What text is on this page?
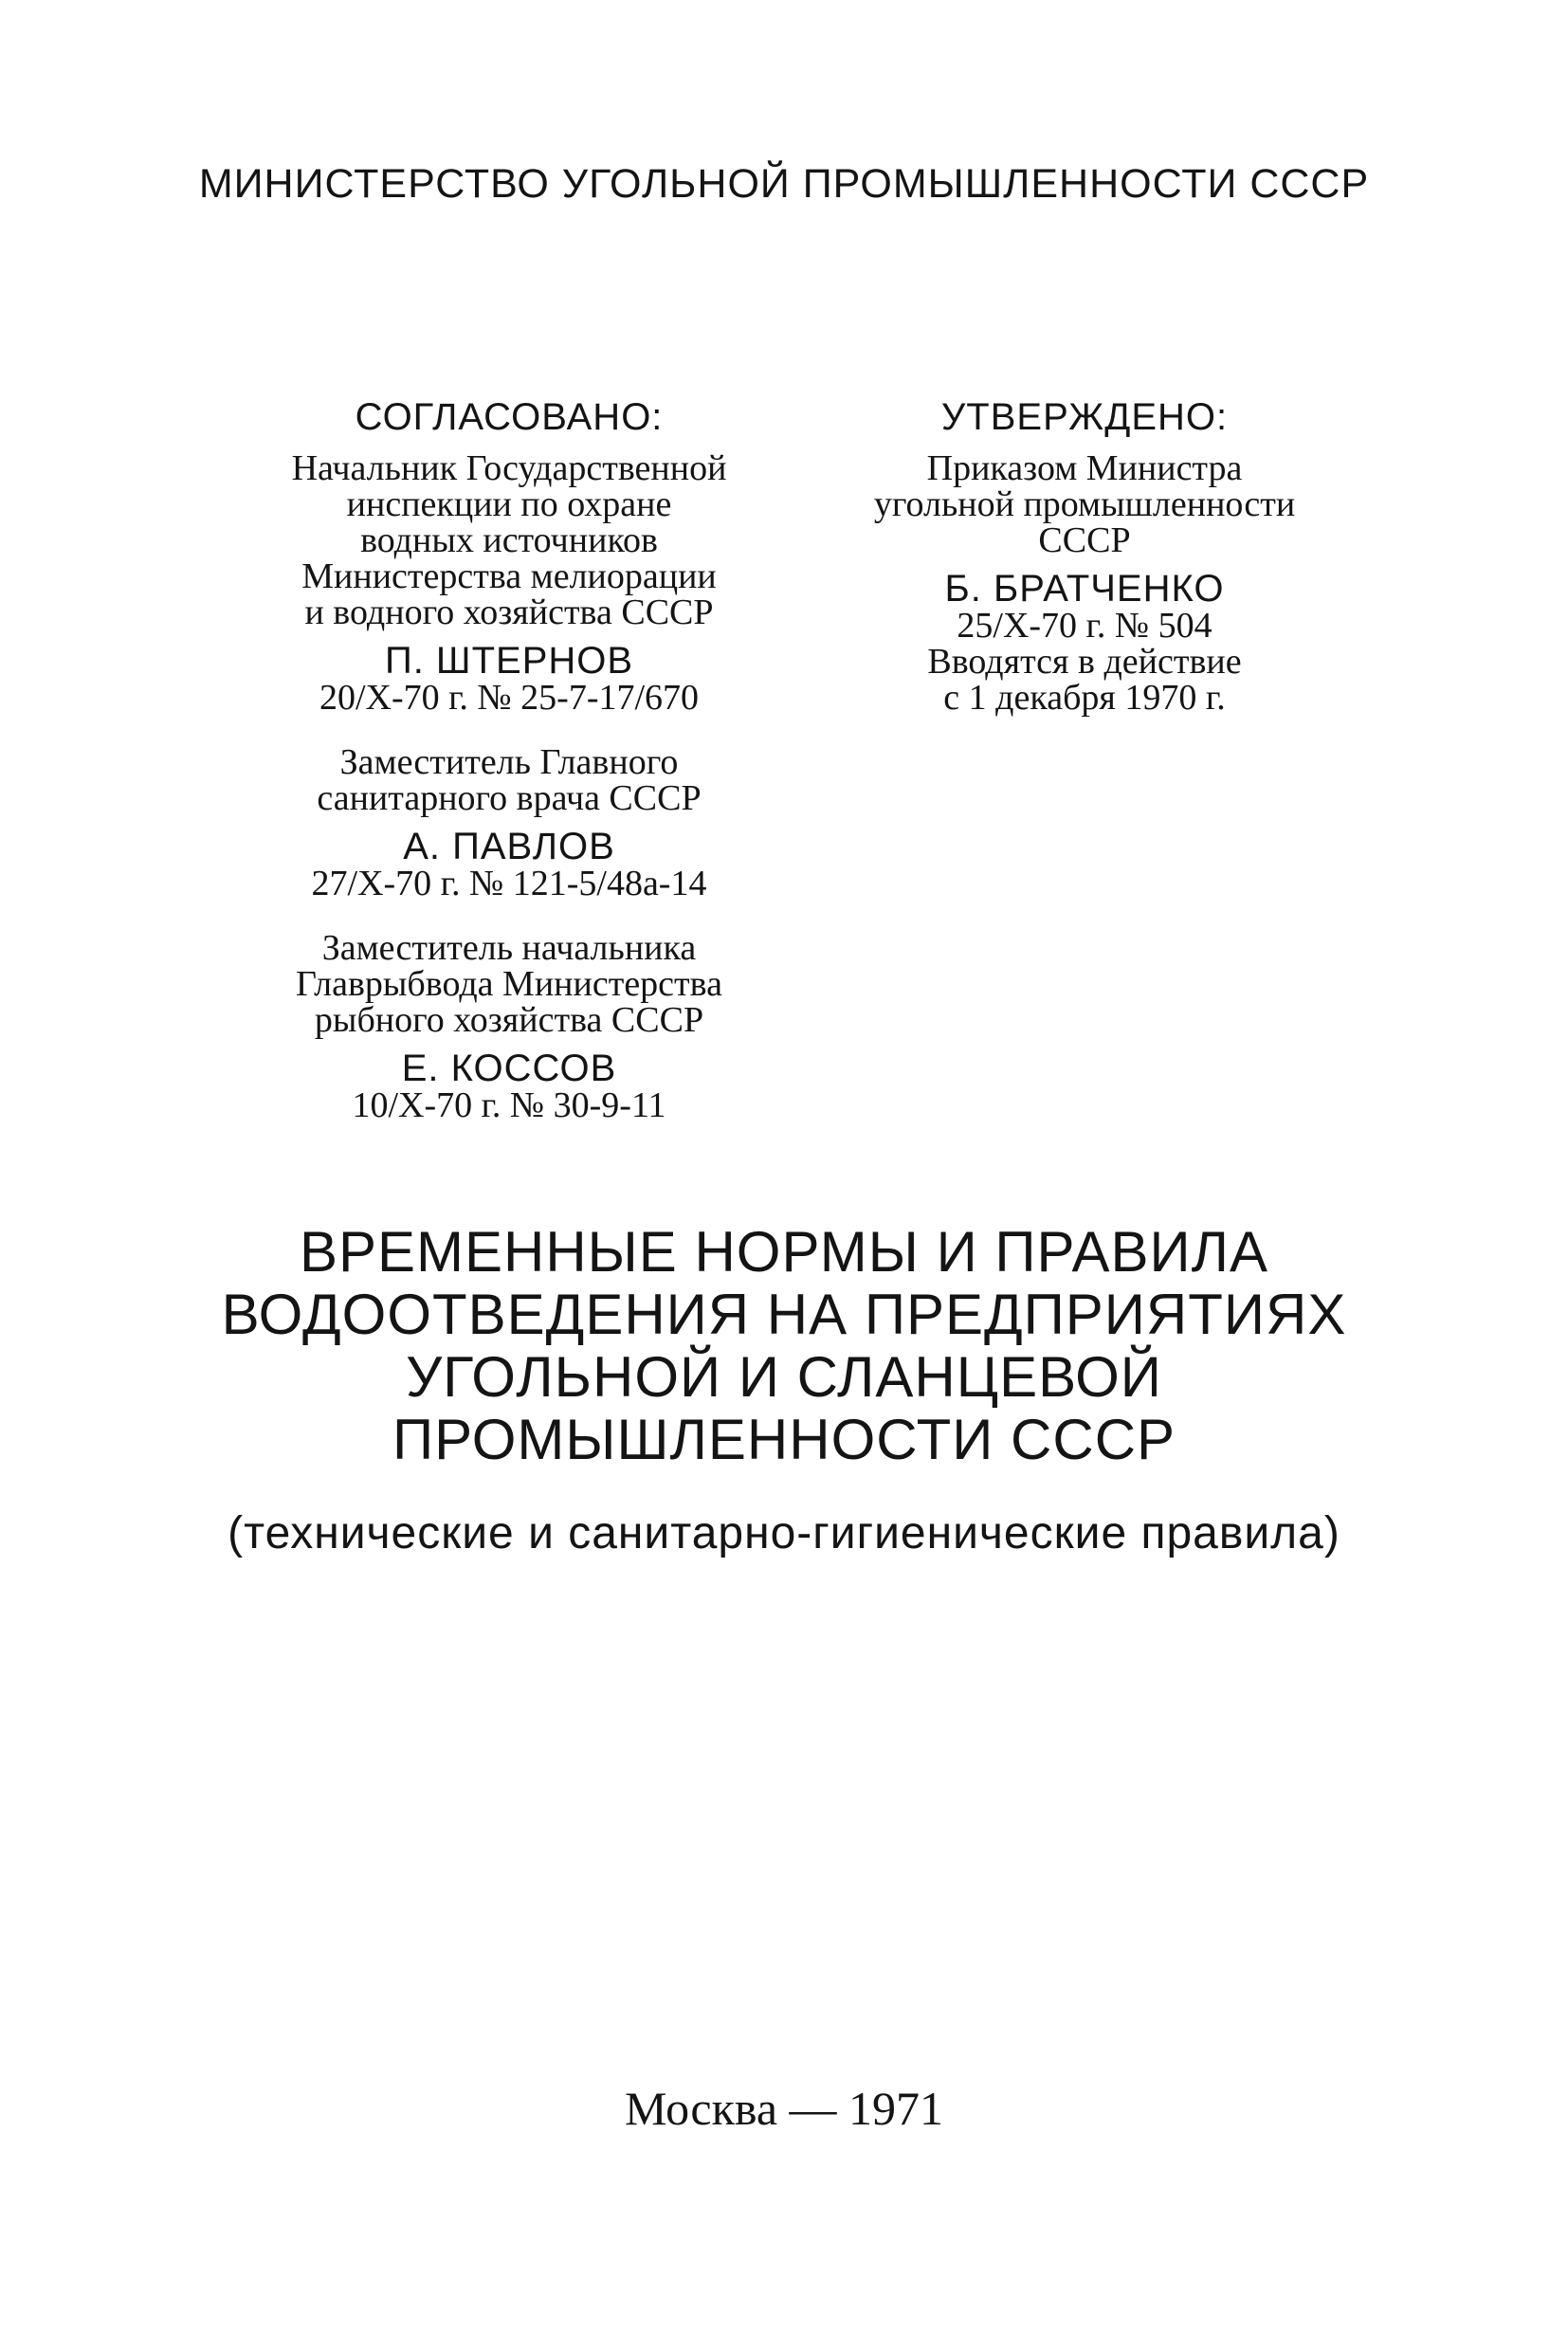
МИНИСТЕРСТВО УГОЛЬНОЙ ПРОМЫШЛЕННОСТИ СССР
СОГЛАСОВАНО:
Начальник Государственной
инспекции по охране
водных источников
Министерства мелиорации
и водного хозяйства СССР
П. ШТЕРНОВ
20/Х-70 г. № 25-7-17/670
Заместитель Главного
санитарного врача СССР
А. ПАВЛОВ
27/Х-70 г. № 121-5/48а-14
Заместитель начальника
Главрыбвода Министерства
рыбного хозяйства СССР
Е. КОССОВ
10/Х-70 г. № 30-9-11
УТВЕРЖДЕНО:
Приказом Министра
угольной промышленности
СССР
Б. БРАТЧЕНКО
25/Х-70 г. № 504
Вводятся в действие
с 1 декабря 1970 г.
ВРЕМЕННЫЕ НОРМЫ И ПРАВИЛА
ВОДООТВЕДЕНИЯ НА ПРЕДПРИЯТИЯХ
УГОЛЬНОЙ И СЛАНЦЕВОЙ
ПРОМЫШЛЕННОСТИ СССР
(технические и санитарно-гигиенические правила)
Москва — 1971
